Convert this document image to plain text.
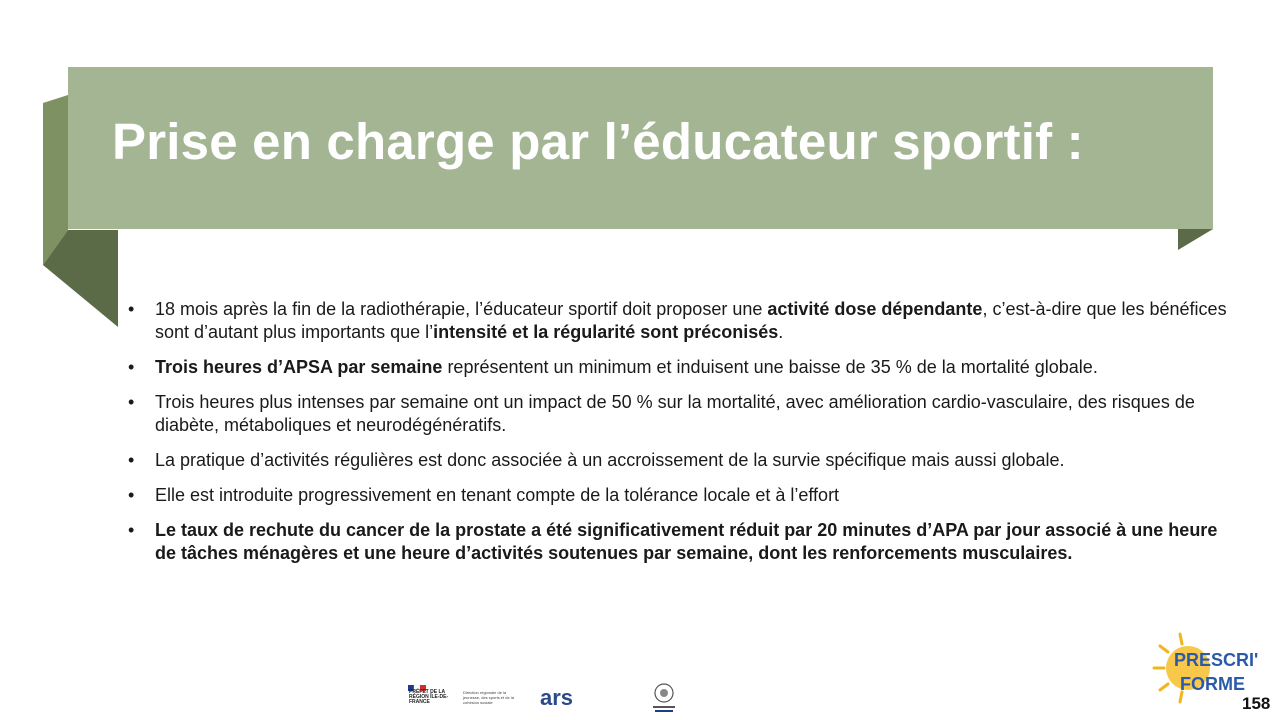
Prise en charge par l’éducateur sportif :
• 18 mois après la fin de la radiothérapie, l’éducateur sportif doit proposer une activité dose dépendante, c’est-à-dire que les bénéfices sont d’autant plus importants que l’intensité et la régularité sont préconisés.
• Trois heures d’APSA par semaine représentent un minimum et induisent une baisse de 35 % de la mortalité globale.
• Trois heures plus intenses par semaine ont un impact de 50 % sur la mortalité, avec amélioration cardio-vasculaire, des risques de diabète, métaboliques et neurodégénératifs.
• La pratique d’activités régulières est donc associée à un accroissement de la survie spécifique mais aussi globale.
• Elle est introduite progressivement en tenant compte de la tolérance locale et à l’effort
• Le taux de rechute du cancer de la prostate a été significativement réduit par 20 minutes d’APA par jour associé à une heure de tâches ménagères et une heure d’activités soutenues par semaine, dont les renforcements musculaires.
PRÉFET DE LA RÉGION ÎLE-DE-FRANCE
Direction régionale de la jeunesse, des sports et de la cohésion sociale	ars
PRESCRI'
FORME
158
